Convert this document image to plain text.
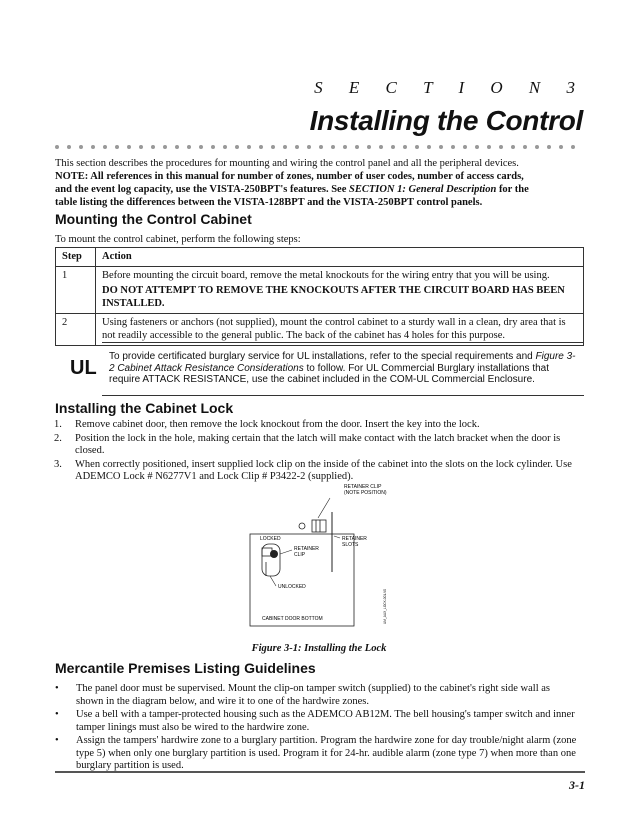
S E C T I O N 3
Installing the Control
This section describes the procedures for mounting and wiring the control panel and all the peripheral devices.
NOTE: All references in this manual for number of zones, number of user codes, number of access cards,
and the event log capacity, use the VISTA-250BPT's features. See SECTION 1: General Description for the
table listing the differences between the VISTA-128BPT and the VISTA-250BPT control panels.
Mounting the Control Cabinet
To mount the control cabinet, perform the following steps:
Step	Action
1	Before mounting the circuit board, remove the metal knockouts for the wiring entry that you will be using.
DO NOT ATTEMPT TO REMOVE THE KNOCKOUTS AFTER THE CIRCUIT BOARD HAS BEEN INSTALLED.

2	Using fasteners or anchors (not supplied), mount the control cabinet to a sturdy wall in a clean, dry area that is not readily accessible to the general public. The back of the cabinet has 4 holes for this purpose.
UL
To provide certificated burglary service for UL installations, refer to the special requirements and Figure 3-2 Cabinet Attack Resistance Considerations to follow. For UL Commercial Burglary installations that require ATTACK RESISTANCE, use the cabinet included in the COM-UL Commercial Enclosure.
Installing the Cabinet Lock
1. Remove cabinet door, then remove the lock knockout from the door. Insert the key into the lock.
2. Position the lock in the hole, making certain that the latch will make contact with the latch bracket when the door is closed.
3. When correctly positioned, insert supplied lock clip on the inside of the cabinet into the slots on the lock cylinder. Use ADEMCO Lock # N6277V1 and Lock Clip # P3422-2 (supplied).
RETAINER CLIP
(NOTE POSITION)
LOCKED	RETAINER
SLOTS
RETAINER
CLIP
UNLOCKED
CABINET DOOR BOTTOM	UM_AUX_LOCK-001-V0
Figure 3-1: Installing the Lock
Mercantile Premises Listing Guidelines
• The panel door must be supervised. Mount the clip-on tamper switch (supplied) to the cabinet's right side wall as shown in the diagram below, and wire it to one of the hardwire zones.
• Use a bell with a tamper-protected housing such as the ADEMCO AB12M. The bell housing's tamper switch and inner tamper linings must also be wired to the hardwire zone.
• Assign the tampers' hardwire zone to a burglary partition. Program the hardwire zone for day trouble/night alarm (zone type 5) when only one burglary partition is used. Program it for 24-hr. audible alarm (zone type 7) when more than one burglary partition is used.
3-1
